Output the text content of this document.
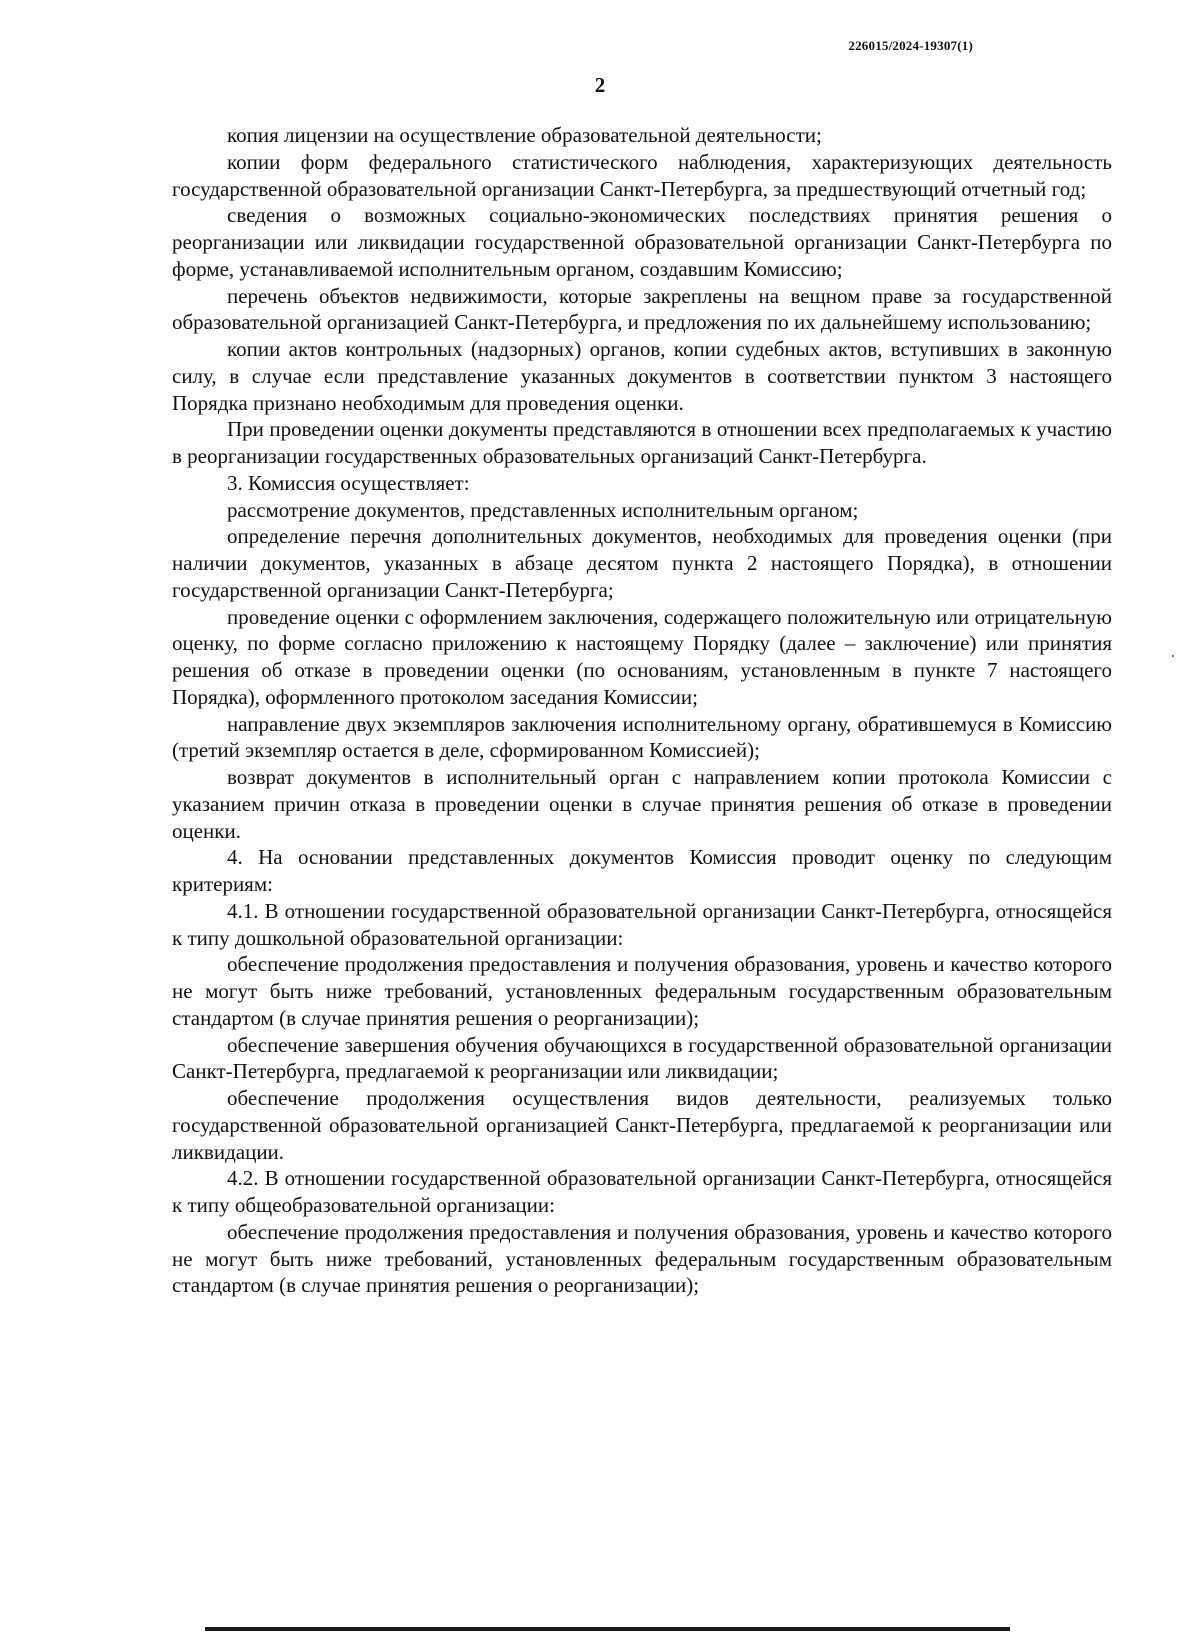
226015/2024-19307(1)
2

копия лицензии на осуществление образовательной деятельности;

копии форм федерального статистического наблюдения, характеризующих деятельность государственной образовательной организации Санкт-Петербурга, за предшествующий отчетный год;

сведения о возможных социально-экономических последствиях принятия решения о реорганизации или ликвидации государственной образовательной организации Санкт-Петербурга по форме, устанавливаемой исполнительным органом, создавшим Комиссию;

перечень объектов недвижимости, которые закреплены на вещном праве за государственной образовательной организацией Санкт-Петербурга, и предложения по их дальнейшему использованию;

копии актов контрольных (надзорных) органов, копии судебных актов, вступивших в законную силу, в случае если представление указанных документов в соответствии пунктом 3 настоящего Порядка признано необходимым для проведения оценки.

При проведении оценки документы представляются в отношении всех предполагаемых к участию в реорганизации государственных образовательных организаций Санкт-Петербурга.

3. Комиссия осуществляет:

рассмотрение документов, представленных исполнительным органом;

определение перечня дополнительных документов, необходимых для проведения оценки (при наличии документов, указанных в абзаце десятом пункта 2 настоящего Порядка), в отношении государственной организации Санкт-Петербурга;

проведение оценки с оформлением заключения, содержащего положительную или отрицательную оценку, по форме согласно приложению к настоящему Порядку (далее – заключение) или принятия решения об отказе в проведении оценки (по основаниям, установленным в пункте 7 настоящего Порядка), оформленного протоколом заседания Комиссии;

направление двух экземпляров заключения исполнительному органу, обратившемуся в Комиссию (третий экземпляр остается в деле, сформированном Комиссией);

возврат документов в исполнительный орган с направлением копии протокола Комиссии с указанием причин отказа в проведении оценки в случае принятия решения об отказе в проведении оценки.

4. На основании представленных документов Комиссия проводит оценку по следующим критериям:

4.1. В отношении государственной образовательной организации Санкт-Петербурга, относящейся к типу дошкольной образовательной организации:

обеспечение продолжения предоставления и получения образования, уровень и качество которого не могут быть ниже требований, установленных федеральным государственным образовательным стандартом (в случае принятия решения о реорганизации);

обеспечение завершения обучения обучающихся в государственной образовательной организации Санкт-Петербурга, предлагаемой к реорганизации или ликвидации;

обеспечение продолжения осуществления видов деятельности, реализуемых только государственной образовательной организацией Санкт-Петербурга, предлагаемой к реорганизации или ликвидации.

4.2. В отношении государственной образовательной организации Санкт-Петербурга, относящейся к типу общеобразовательной организации:

обеспечение продолжения предоставления и получения образования, уровень и качество которого не могут быть ниже требований, установленных федеральным государственным образовательным стандартом (в случае принятия решения о реорганизации);
